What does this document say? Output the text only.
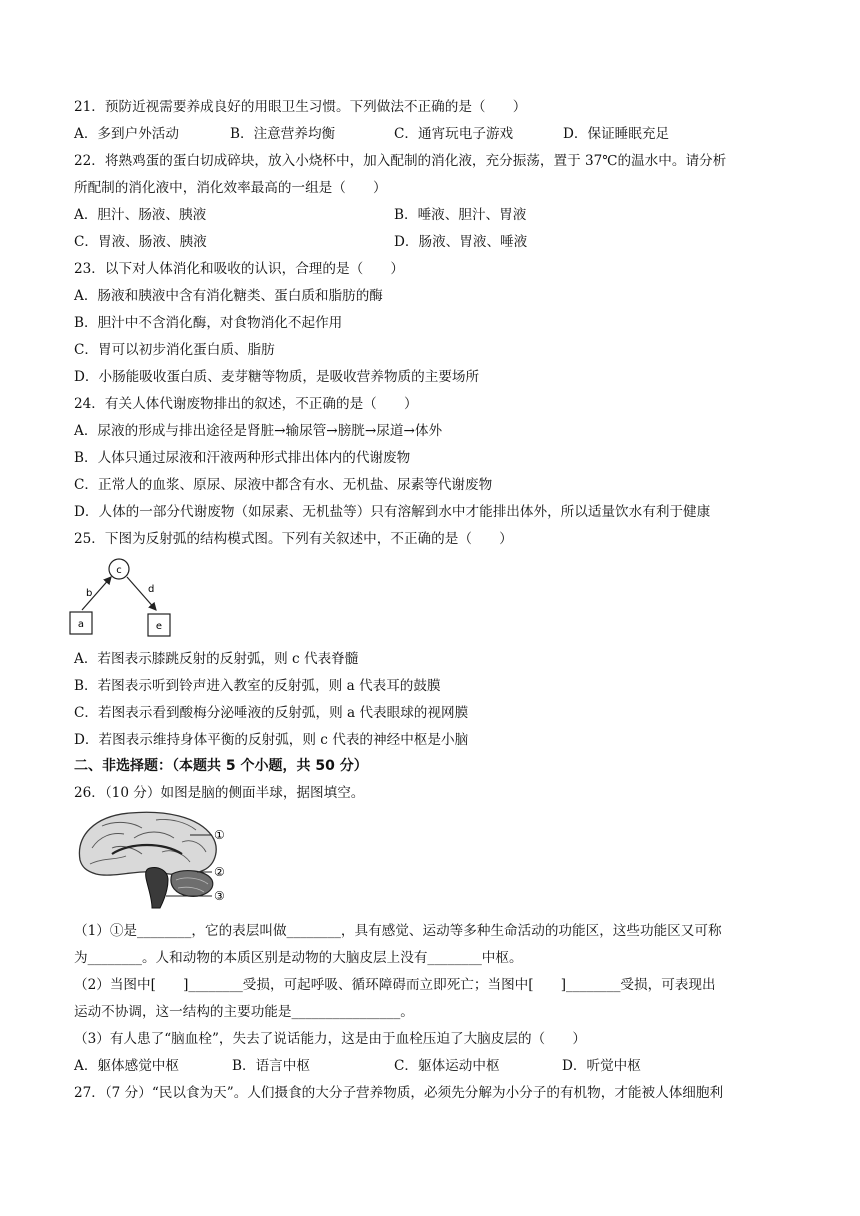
21．预防近视需要养成良好的用眼卫生习惯。下列做法不正确的是（　　）
A．多到户外活动	B．注意营养均衡	C．通宵玩电子游戏	D．保证睡眠充足
22．将熟鸡蛋的蛋白切成碎块，放入小烧杯中，加入配制的消化液，充分振荡，置于 37℃的温水中。请分析
所配制的消化液中，消化效率最高的一组是（　　）
A．胆汁、肠液、胰液	B．唾液、胆汁、胃液
C．胃液、肠液、胰液	D．肠液、胃液、唾液
23．以下对人体消化和吸收的认识，合理的是（　　）
A．肠液和胰液中含有消化糖类、蛋白质和脂肪的酶
B．胆汁中不含消化酶，对食物消化不起作用
C．胃可以初步消化蛋白质、脂肪
D．小肠能吸收蛋白质、麦芽糖等物质，是吸收营养物质的主要场所
24．有关人体代谢废物排出的叙述，不正确的是（　　）
A．尿液的形成与排出途径是肾脏→输尿管→膀胱→尿道→体外
B．人体只通过尿液和汗液两种形式排出体内的代谢废物
C．正常人的血浆、原尿、尿液中都含有水、无机盐、尿素等代谢废物
D．人体的一部分代谢废物（如尿素、无机盐等）只有溶解到水中才能排出体外，所以适量饮水有利于健康
25．下图为反射弧的结构模式图。下列有关叙述中，不正确的是（　　）
c
b	d
a	e
A．若图表示膝跳反射的反射弧，则 c 代表脊髓
B．若图表示听到铃声进入教室的反射弧，则 a 代表耳的鼓膜
C．若图表示看到酸梅分泌唾液的反射弧，则 a 代表眼球的视网膜
D．若图表示维持身体平衡的反射弧，则 c 代表的神经中枢是小脑
二、非选择题：（本题共 5 个小题，共 50 分）
26．（10 分）如图是脑的侧面半球，据图填空。
①
②
③
（1）①是________，它的表层叫做________，具有感觉、运动等多种生命活动的功能区，这些功能区又可称
为________。人和动物的本质区别是动物的大脑皮层上没有________中枢。
（2）当图中[　　]________受损，可起呼吸、循环障碍而立即死亡；当图中[　　]________受损，可表现出
运动不协调，这一结构的主要功能是________________。
（3）有人患了“脑血栓”，失去了说话能力，这是由于血栓压迫了大脑皮层的（　　）
A．躯体感觉中枢	B．语言中枢	C．躯体运动中枢	D．听觉中枢
27．（7 分）“民以食为天”。人们摄食的大分子营养物质，必须先分解为小分子的有机物，才能被人体细胞利
